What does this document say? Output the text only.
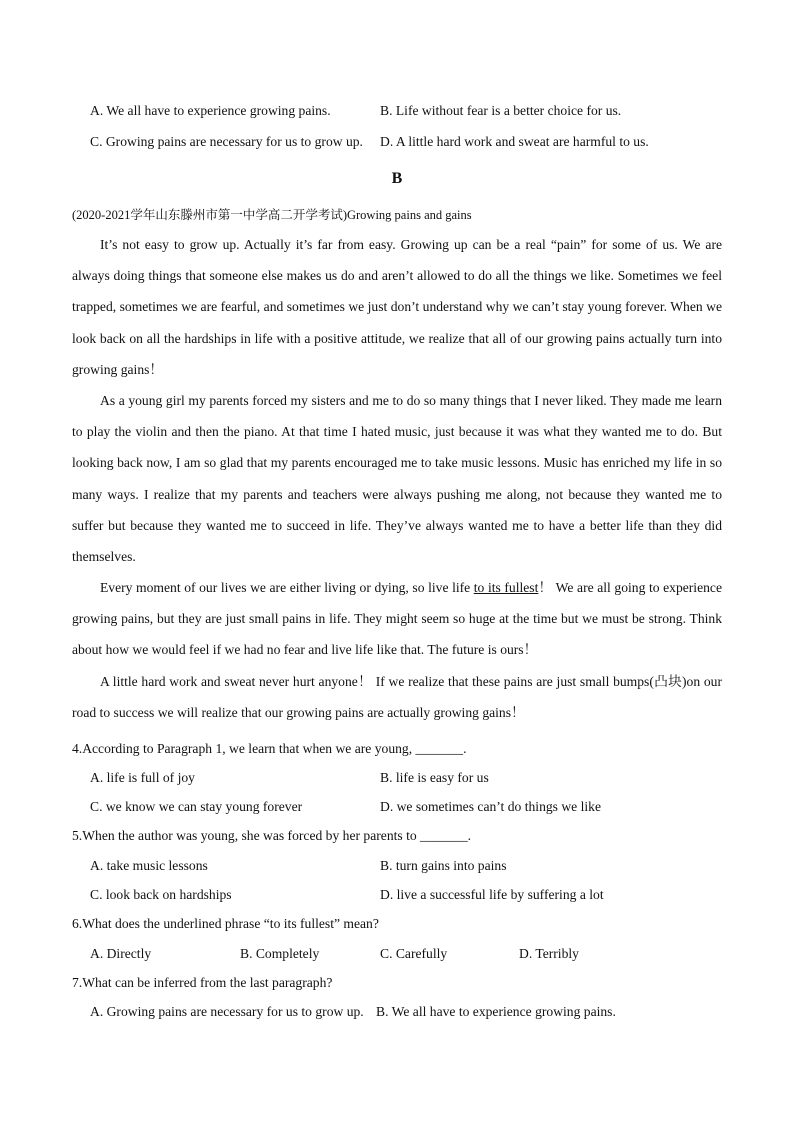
A. We all have to experience growing pains.	B. Life without fear is a better choice for us.
C. Growing pains are necessary for us to grow up. D. A little hard work and sweat are harmful to us.
B
(2020-2021学年山东滕州市第一中学高二开学考试)Growing pains and gains
It’s not easy to grow up. Actually it’s far from easy. Growing up can be a real “pain” for some of us. We are always doing things that someone else makes us do and aren’t allowed to do all the things we like. Sometimes we feel trapped, sometimes we are fearful, and sometimes we just don’t understand why we can’t stay young forever. When we look back on all the hardships in life with a positive attitude, we realize that all of our growing pains actually turn into growing gains！
As a young girl my parents forced my sisters and me to do so many things that I never liked. They made me learn to play the violin and then the piano. At that time I hated music, just because it was what they wanted me to do. But looking back now, I am so glad that my parents encouraged me to take music lessons. Music has enriched my life in so many ways. I realize that my parents and teachers were always pushing me along, not because they wanted me to suffer but because they wanted me to succeed in life. They’ve always wanted me to have a better life than they did themselves.
Every moment of our lives we are either living or dying, so live life to its fullest！ We are all going to experience growing pains, but they are just small pains in life. They might seem so huge at the time but we must be strong. Think about how we would feel if we had no fear and live life like that. The future is ours！
A little hard work and sweat never hurt anyone！ If we realize that these pains are just small bumps(凸块)on our road to success we will realize that our growing pains are actually growing gains！
4.According to Paragraph 1, we learn that when we are young, _______.
A. life is full of joy	B. life is easy for us
C. we know we can stay young forever	D. we sometimes can’t do things we like
5.When the author was young, she was forced by her parents to _______.
A. take music lessons	B. turn gains into pains
C. look back on hardships	D. live a successful life by suffering a lot
6.What does the underlined phrase “to its fullest” mean?
A. Directly	B. Completely	C. Carefully	D. Terribly
7.What can be inferred from the last paragraph?
A. Growing pains are necessary for us to grow up. B. We all have to experience growing pains.
